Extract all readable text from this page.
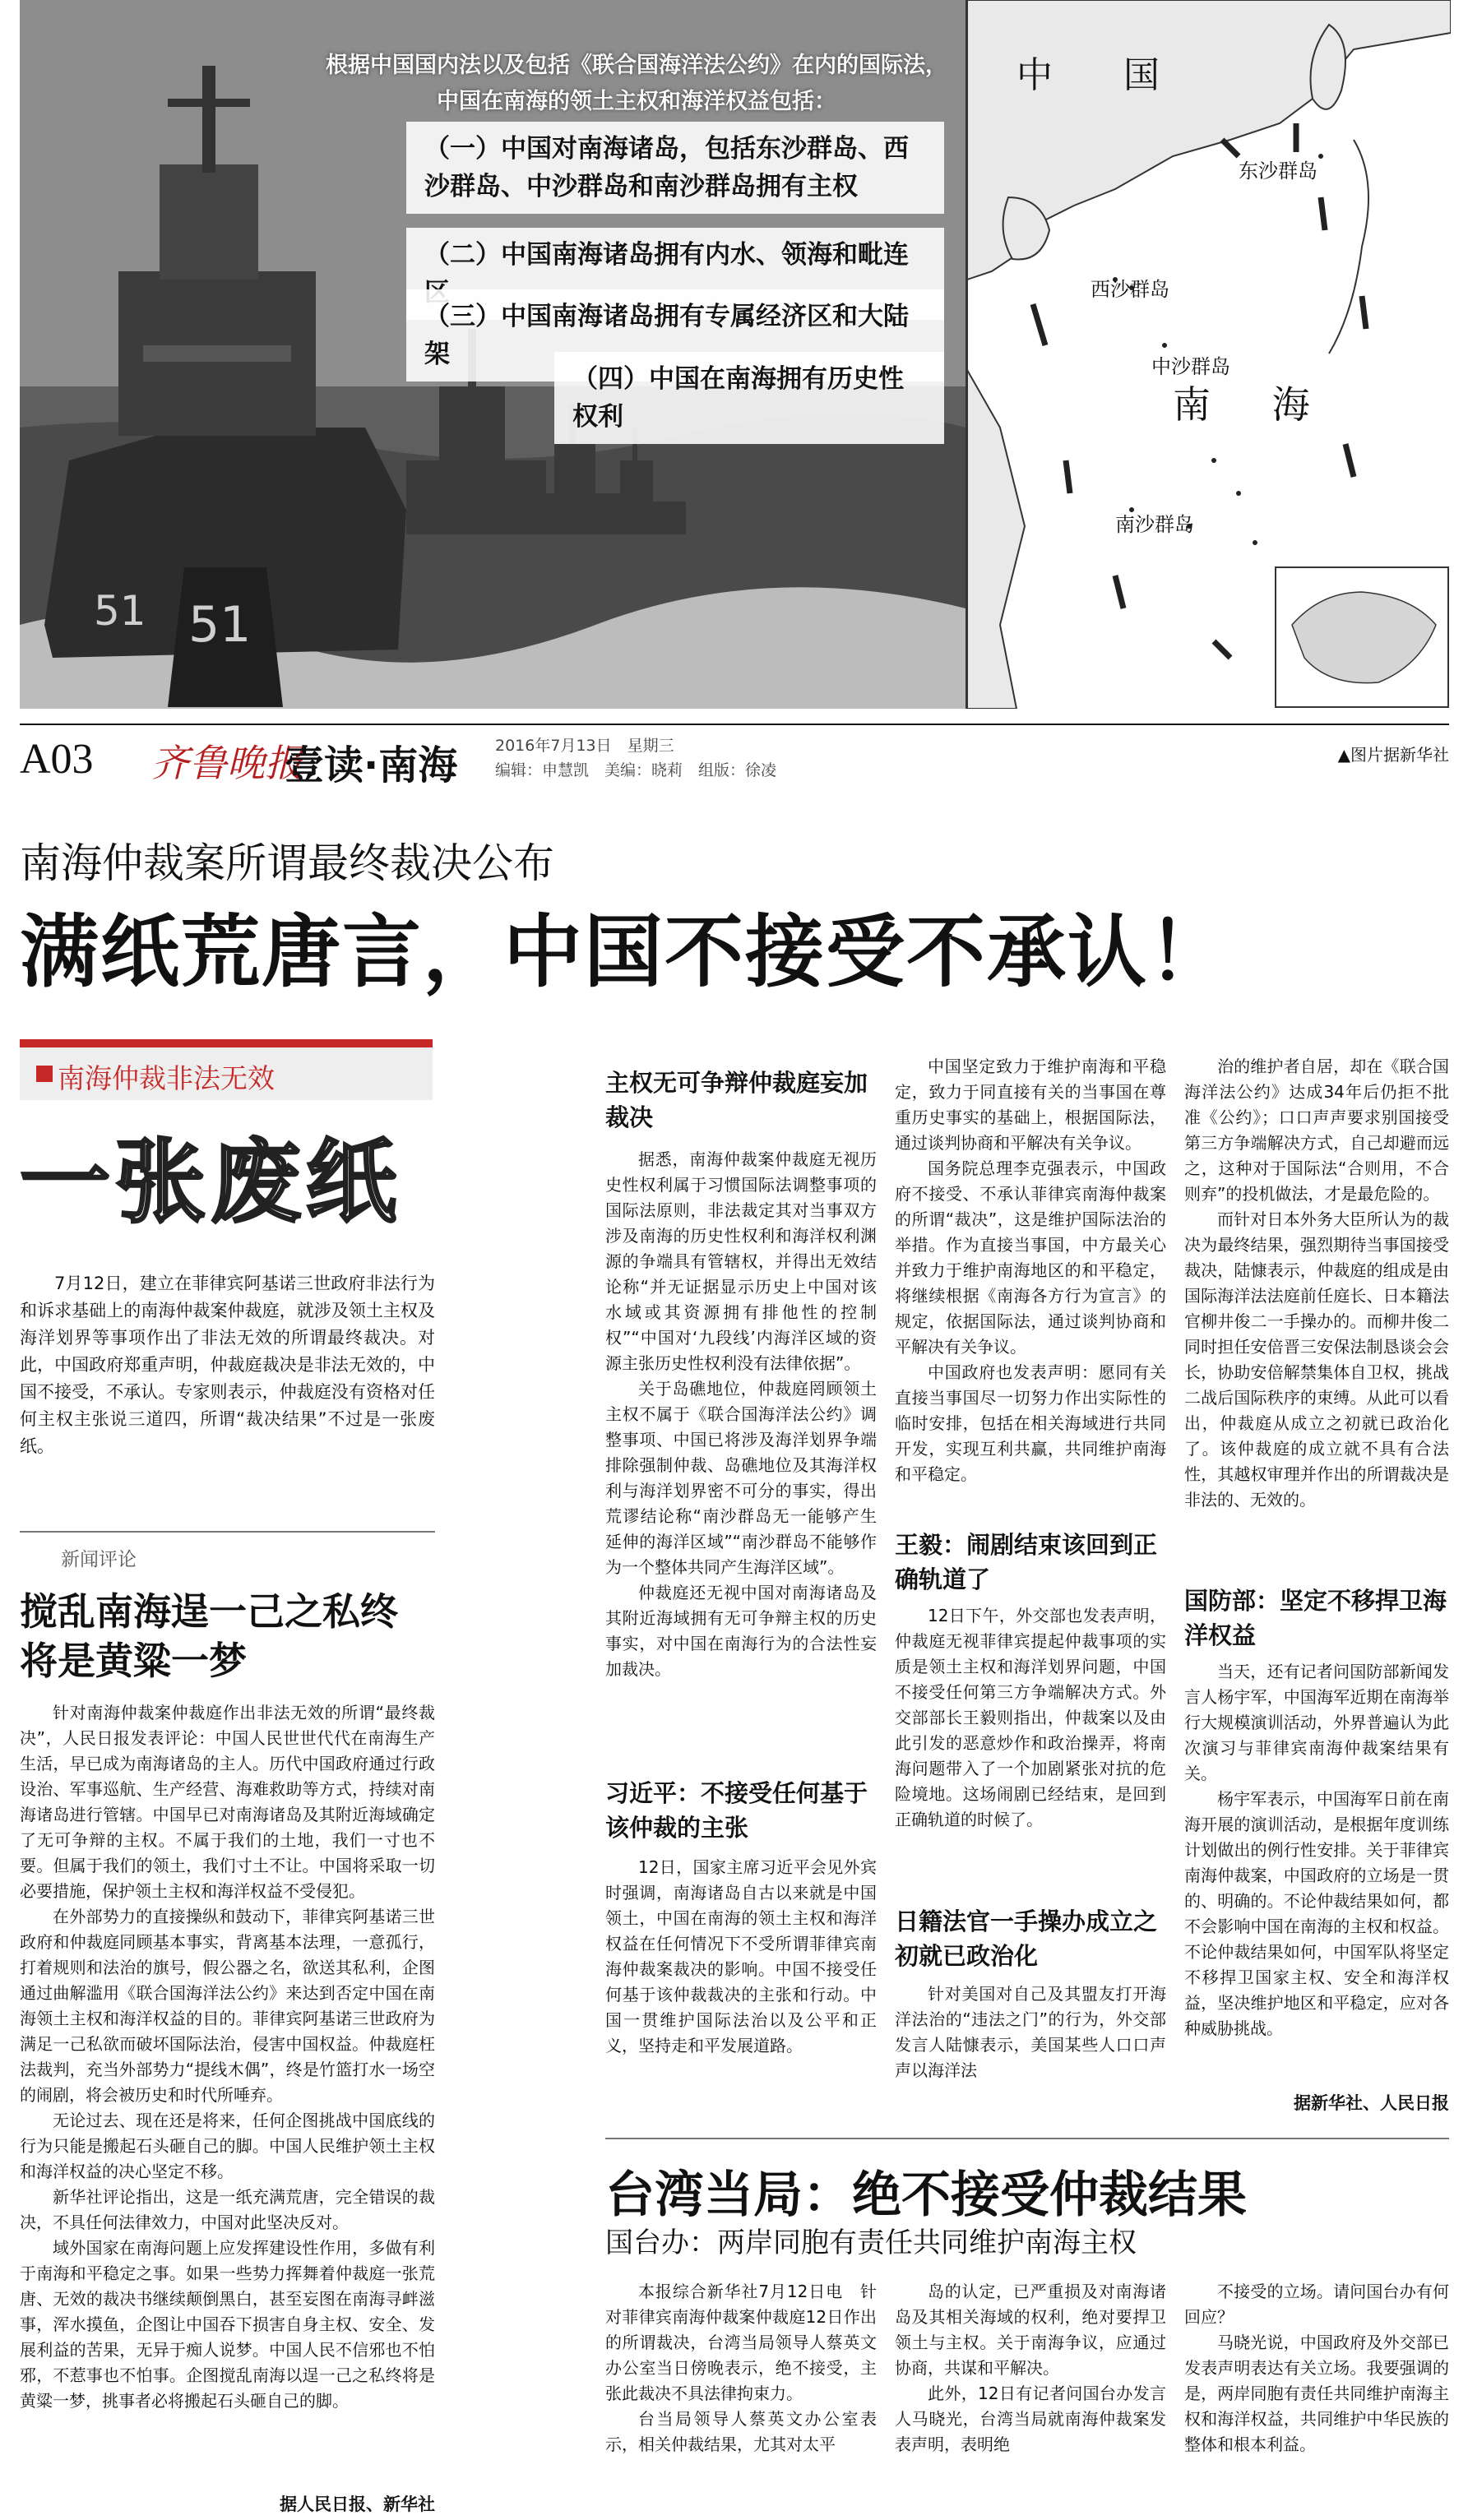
51
51
根据中国国内法以及包括《联合国海洋法公约》在内的国际法，中国在南海的领土主权和海洋权益包括：
（一）中国对南海诸岛，包括东沙群岛、西沙群岛、中沙群岛和南沙群岛拥有主权
（二）中国南海诸岛拥有内水、领海和毗连
（三）中国南海诸岛拥有专属经济区和大陆架
（四）中国在南海拥有历史性权利
中 国
东沙群岛
西沙群岛
中沙群岛
南 海
南沙群岛
A03 齐鲁晚报
壹读·南海 2016年7月13日　星期三
编辑：申慧凯　美编：晓莉　组版：徐凌
▲图片据新华社
南海仲裁案所谓最终裁决公布
满纸荒唐言，中国不接受不承认！
南海仲裁非法无效
一张废纸

7月12日，建立在菲律宾阿基诺三世政府非法行为和诉求基础上的南海仲裁案仲裁庭，就涉及领土主权及海洋划界等事项作出了非法无效的所谓最终裁决。对此，中国政府郑重声明，仲裁庭裁决是非法无效的，中国不接受，不承认。专家则表示，仲裁庭没有资格对任何主权主张说三道四，所谓“裁决结果”不过是一张废纸。

新闻评论
搅乱南海逞一己之私终将是黄粱一梦

针对南海仲裁案仲裁庭作出非法无效的所谓“最终裁决”，人民日报发表评论：中国人民世世代代在南海生产生活，早已成为南海诸岛的主人。历代中国政府通过行政设治、军事巡航、生产经营、海难救助等方式，持续对南海诸岛进行管辖。中国早已对南海诸岛及其附近海域确定了无可争辩的主权。不属于我们的土地，我们一寸也不要。但属于我们的领土，我们寸土不让。中国将采取一切必要措施，保护领土主权和海洋权益不受侵犯。

在外部势力的直接操纵和鼓动下，菲律宾阿基诺三世政府和仲裁庭同顾基本事实，背离基本法理，一意孤行，打着规则和法治的旗号，假公器之名，欲送其私利，企图通过曲解滥用《联合国海洋法公约》来达到否定中国在南海领土主权和海洋权益的目的。菲律宾阿基诺三世政府为满足一己私欲而破坏国际法治，侵害中国权益。仲裁庭枉法裁判，充当外部势力“提线木偶”，终是竹篮打水一场空的闹剧，将会被历史和时代所唾弃。

无论过去、现在还是将来，任何企图挑战中国底线的行为只能是搬起石头砸自己的脚。中国人民维护领土主权和海洋权益的决心坚定不移。

新华社评论指出，这是一纸充满荒唐，完全错误的裁决，不具任何法律效力，中国对此坚决反对。

域外国家在南海问题上应发挥建设性作用，多做有利于南海和平稳定之事。如果一些势力挥舞着仲裁庭一张荒唐、无效的裁决书继续颠倒黑白，甚至妄图在南海寻衅滋事，浑水摸鱼，企图让中国吞下损害自身主权、安全、发展利益的苦果，无异于痴人说梦。中国人民不信邪也不怕邪，不惹事也不怕事。企图搅乱南海以逞一己之私终将是黄粱一梦，挑事者必将搬起石头砸自己的脚。

据人民日报、新华社
主权无可争辩仲裁庭妄加裁决

据悉，南海仲裁案仲裁庭无视历史性权利属于习惯国际法调整事项的国际法原则，非法裁定其对当事双方涉及南海的历史性权利和海洋权利渊源的争端具有管辖权，并得出无效结论称“并无证据显示历史上中国对该水域或其资源拥有排他性的控制权”“中国对‘九段线’内海洋区域的资源主张历史性权利没有法律依据”。

关于岛礁地位，仲裁庭罔顾领土主权不属于《联合国海洋法公约》调整事项、中国已将涉及海洋划界争端排除强制仲裁、岛礁地位及其海洋权利与海洋划界密不可分的事实，得出荒谬结论称“南沙群岛无一能够产生延伸的海洋区域”“南沙群岛不能够作为一个整体共同产生海洋区域”。

仲裁庭还无视中国对南海诸岛及其附近海域拥有无可争辩主权的历史事实，对中国在南海行为的合法性妄加裁决。

习近平：不接受任何基于该仲裁的主张

12日，国家主席习近平会见外宾时强调，南海诸岛自古以来就是中国领土，中国在南海的领土主权和海洋权益在任何情况下不受所谓菲律宾南海仲裁案裁决的影响。中国不接受任何基于该仲裁裁决的主张和行动。中国一贯维护国际法治以及公平和正义，坚持走和平发展道路。

中国坚定致力于维护南海和平稳定，致力于同直接有关的当事国在尊重历史事实的基础上，根据国际法，通过谈判协商和平解决有关争议。

国务院总理李克强表示，中国政府不接受、不承认菲律宾南海仲裁案的所谓“裁决”，这是维护国际法治的举措。作为直接当事国，中方最关心并致力于维护南海地区的和平稳定，将继续根据《南海各方行为宣言》的规定，依据国际法，通过谈判协商和平解决有关争议。

中国政府也发表声明：愿同有关直接当事国尽一切努力作出实际性的临时安排，包括在相关海域进行共同开发，实现互利共赢，共同维护南海和平稳定。

王毅：闹剧结束该回到正确轨道了

12日下午，外交部也发表声明，仲裁庭无视菲律宾提起仲裁事项的实质是领土主权和海洋划界问题，中国不接受任何第三方争端解决方式。外交部部长王毅则指出，仲裁案以及由此引发的恶意炒作和政治操弄，将南海问题带入了一个加剧紧张对抗的危险境地。这场闹剧已经结束，是回到正确轨道的时候了。

日籍法官一手操办成立之初就已政治化

针对美国对自己及其盟友打开海洋法治的“违法之门”的行为，外交部发言人陆慷表示，美国某些人口口声声以海洋法

治的维护者自居，却在《联合国海洋法公约》达成34年后仍拒不批准《公约》；口口声声要求别国接受第三方争端解决方式，自己却避而远之，这种对于国际法“合则用，不合则弃”的投机做法，才是最危险的。

而针对日本外务大臣所认为的裁决为最终结果，强烈期待当事国接受裁决，陆慷表示，仲裁庭的组成是由国际海洋法法庭前任庭长、日本籍法官柳井俊二一手操办的。而柳井俊二同时担任安倍晋三安保法制恳谈会会长，协助安倍解禁集体自卫权，挑战二战后国际秩序的束缚。从此可以看出，仲裁庭从成立之初就已政治化了。该仲裁庭的成立就不具有合法性，其越权审理并作出的所谓裁决是非法的、无效的。

国防部：坚定不移捍卫海洋权益

当天，还有记者问国防部新闻发言人杨宇军，中国海军近期在南海举行大规模演训活动，外界普遍认为此次演习与菲律宾南海仲裁案结果有关。

杨宇军表示，中国海军日前在南海开展的演训活动，是根据年度训练计划做出的例行性安排。关于菲律宾南海仲裁案，中国政府的立场是一贯的、明确的。不论仲裁结果如何，都不会影响中国在南海的主权和权益。不论仲裁结果如何，中国军队将坚定不移捍卫国家主权、安全和海洋权益，坚决维护地区和平稳定，应对各种威胁挑战。

据新华社、人民日报
台湾当局：绝不接受仲裁结果
国台办：两岸同胞有责任共同维护南海主权

本报综合新华社7月12日电　针对菲律宾南海仲裁案仲裁庭12日作出的所谓裁决，台湾当局领导人蔡英文办公室当日傍晚表示，绝不接受，主张此裁决不具法律拘束力。

台当局领导人蔡英文办公室表示，相关仲裁结果，尤其对太平

岛的认定，已严重损及对南海诸岛及其相关海域的权利，绝对要捍卫领土与主权。关于南海争议，应通过协商，共谋和平解决。

此外，12日有记者问国台办发言人马晓光，台湾当局就南海仲裁案发表声明，表明绝

不接受的立场。请问国台办有何回应？

马晓光说，中国政府及外交部已发表声明表达有关立场。我要强调的是，两岸同胞有责任共同维护南海主权和海洋权益，共同维护中华民族的整体和根本利益。
